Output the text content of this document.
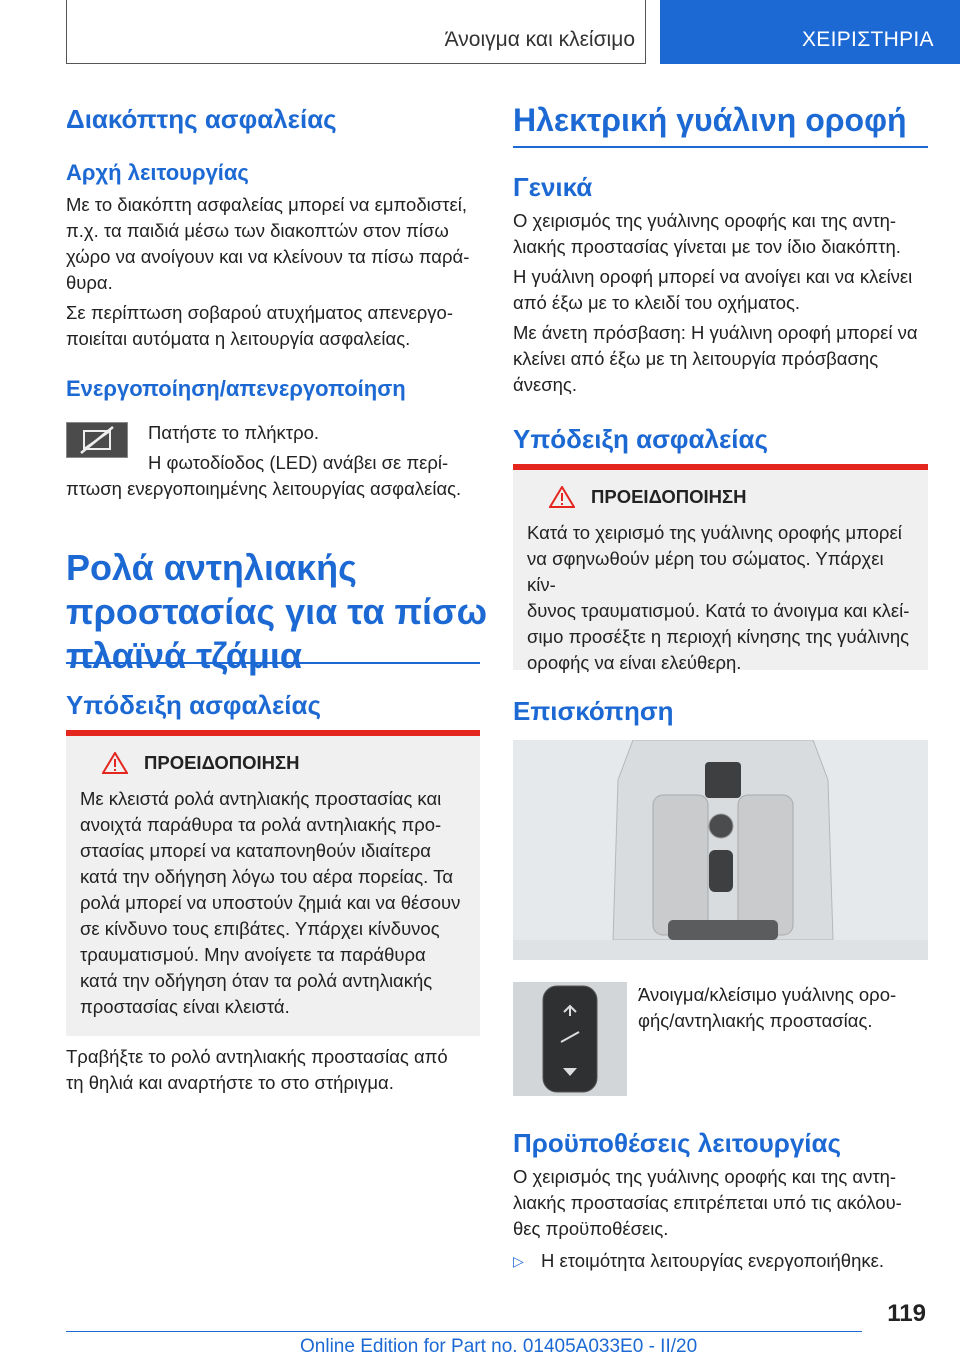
Άνοιγμα και κλείσιμο	ΧΕΙΡΙΣΤΗΡΙΑ
Διακόπτης ασφαλείας
Αρχή λειτουργίας

Με το διακόπτη ασφαλείας μπορεί να εμποδιστεί,

π.χ. τα παιδιά μέσω των διακοπτών στον πίσω

χώρο να ανοίγουν και να κλείνουν τα πίσω παρά-

θυρα.

Σε περίπτωση σοβαρού ατυχήματος απενεργο-

ποιείται αυτόματα η λειτουργία ασφαλείας.

Ενεργοποίηση/απενεργοποίηση

Πατήστε το πλήκτρο.

Η φωτοδίοδος (LED) ανάβει σε περί-

πτωση ενεργοποιημένης λειτουργίας ασφαλείας.

Ρολά αντηλιακής
προστασίας για τα πίσω
πλαϊνά τζάμια
Υπόδειξη ασφαλείας
ΠΡΟΕΙΔΟΠΟΙΗΣΗ

Με κλειστά ρολά αντηλιακής προστασίας και

ανοιχτά παράθυρα τα ρολά αντηλιακής προ-

στασίας μπορεί να καταπονηθούν ιδιαίτερα

κατά την οδήγηση λόγω του αέρα πορείας. Τα

ρολά μπορεί να υποστούν ζημιά και να θέσουν

σε κίνδυνο τους επιβάτες. Υπάρχει κίνδυνος

τραυματισμού. Μην ανοίγετε τα παράθυρα

κατά την οδήγηση όταν τα ρολά αντηλιακής

προστασίας είναι κλειστά.

Τραβήξτε το ρολό αντηλιακής προστασίας από

τη θηλιά και αναρτήστε το στο στήριγμα.

Ηλεκτρική γυάλινη οροφή
Γενικά

Ο χειρισμός της γυάλινης οροφής και της αντη-

λιακής προστασίας γίνεται με τον ίδιο διακόπτη.

Η γυάλινη οροφή μπορεί να ανοίγει και να κλείνει

από έξω με το κλειδί του οχήματος.

Με άνετη πρόσβαση: Η γυάλινη οροφή μπορεί να

κλείνει από έξω με τη λειτουργία πρόσβασης

άνεσης.

Υπόδειξη ασφαλείας
ΠΡΟΕΙΔΟΠΟΙΗΣΗ

Κατά το χειρισμό της γυάλινης οροφής μπορεί

να σφηνωθούν μέρη του σώματος. Υπάρχει κίν-

δυνος τραυματισμού. Κατά το άνοιγμα και κλεί-

σιμο προσέξτε η περιοχή κίνησης της γυάλινης

οροφής να είναι ελεύθερη.

Επισκόπηση

Άνοιγμα/κλείσιμο γυάλινης ορο-

φής/αντηλιακής προστασίας.

Προϋποθέσεις λειτουργίας

Ο χειρισμός της γυάλινης οροφής και της αντη-

λιακής προστασίας επιτρέπεται υπό τις ακόλου-

θες προϋποθέσεις.

▷ Η ετοιμότητα λειτουργίας ενεργοποιήθηκε.
119
Online Edition for Part no. 01405A033E0 - II/20
